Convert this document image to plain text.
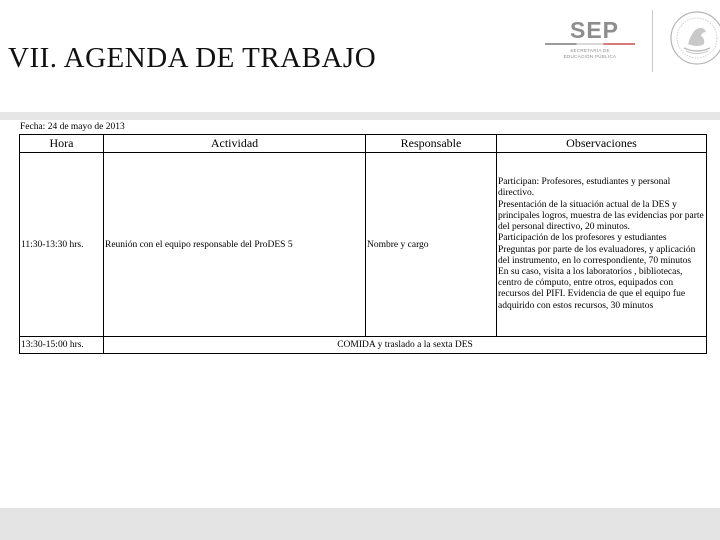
VII. AGENDA DE TRABAJO
SEP
SECRETARÍA DE
EDUCACIÓN PÚBLICA
Fecha: 24 de mayo de 2013
Hora	Actividad	Responsable	Observaciones
11:30-13:30 hrs.	Reunión con el equipo responsable del ProDES 5	Nombre y cargo	Participan: Profesores, estudiantes y personal directivo.
Presentación de la situación actual de la DES y principales logros, muestra de las evidencias por parte del personal directivo, 20 minutos.
Participación de los profesores y estudiantes
Preguntas por parte de los evaluadores, y aplicación del instrumento, en lo correspondiente, 70 minutos
En su caso, visita a los laboratorios , bibliotecas, centro de cómputo, entre otros, equipados con recursos del PIFI. Evidencia de que el equipo fue adquirido con estos recursos, 30 minutos

13:30-15:00 hrs.	COMIDA y traslado a la sexta DES		
